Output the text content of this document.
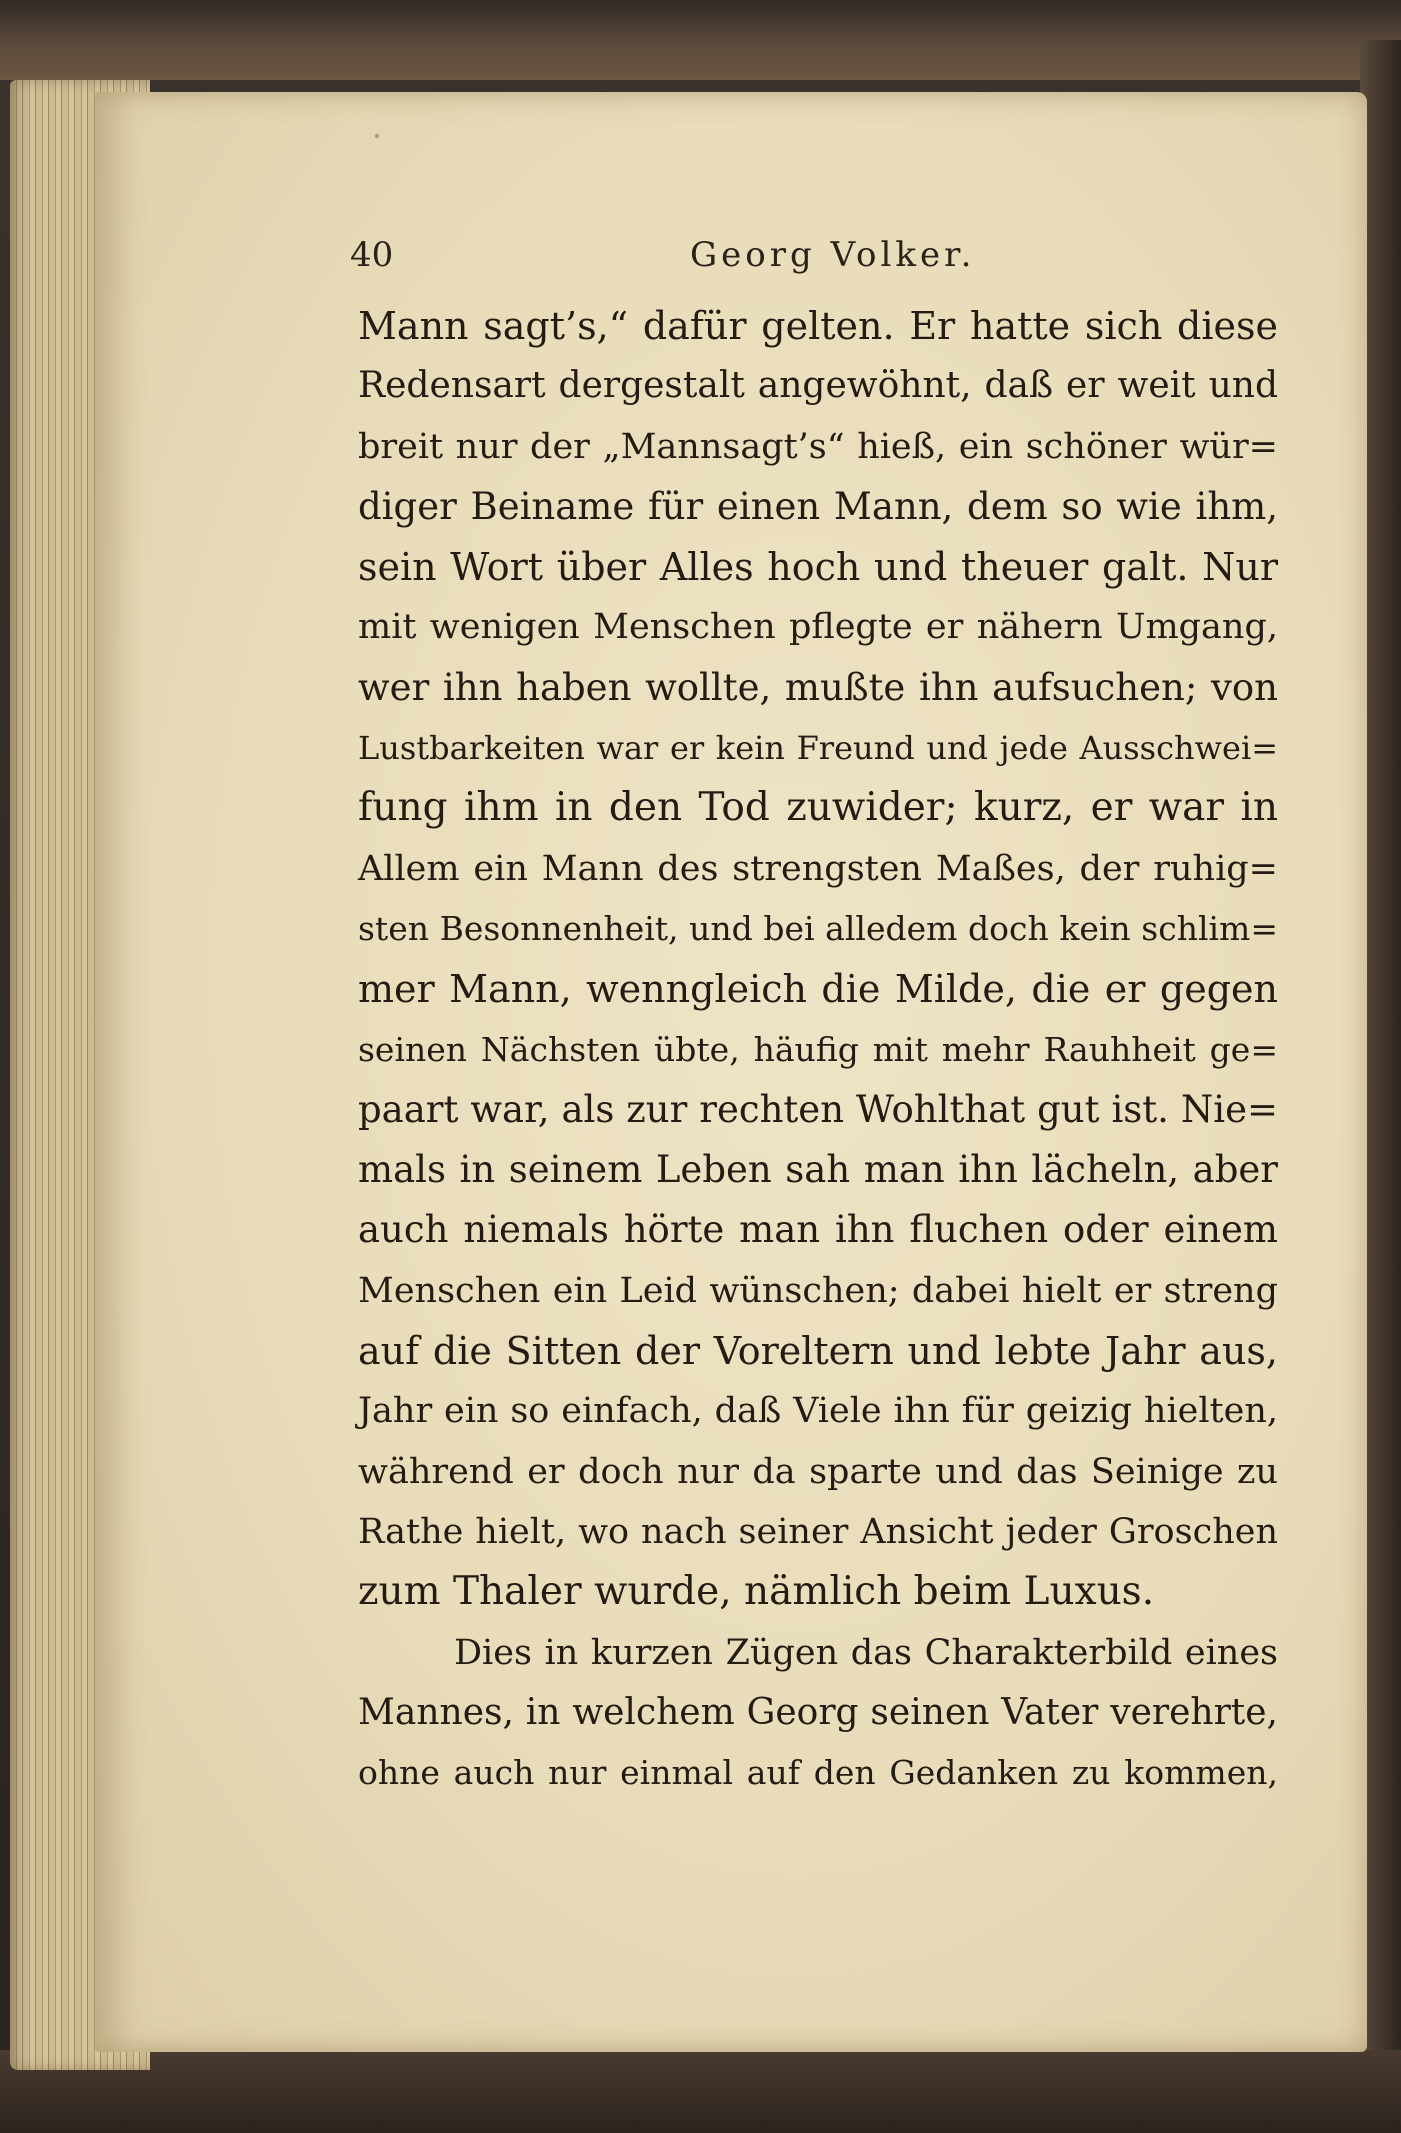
40	Georg Volker.
Mann sagt’s,“ dafür gelten. Er hatte sich diese
Redensart dergestalt angewöhnt, daß er weit und
breit nur der „Mannsagt’s“ hieß, ein schöner wür=
diger Beiname für einen Mann, dem so wie ihm,
sein Wort über Alles hoch und theuer galt. Nur
mit wenigen Menschen pflegte er nähern Umgang,
wer ihn haben wollte, mußte ihn aufsuchen; von
Lustbarkeiten war er kein Freund und jede Ausschwei=
fung ihm in den Tod zuwider; kurz, er war in
Allem ein Mann des strengsten Maßes, der ruhig=
sten Besonnenheit, und bei alledem doch kein schlim=
mer Mann, wenngleich die Milde, die er gegen
seinen Nächsten übte, häufig mit mehr Rauhheit ge=
paart war, als zur rechten Wohlthat gut ist. Nie=
mals in seinem Leben sah man ihn lächeln, aber
auch niemals hörte man ihn fluchen oder einem
Menschen ein Leid wünschen; dabei hielt er streng
auf die Sitten der Voreltern und lebte Jahr aus,
Jahr ein so einfach, daß Viele ihn für geizig hielten,
während er doch nur da sparte und das Seinige zu
Rathe hielt, wo nach seiner Ansicht jeder Groschen
zum Thaler wurde, nämlich beim Luxus.
Dies in kurzen Zügen das Charakterbild eines
Mannes, in welchem Georg seinen Vater verehrte,
ohne auch nur einmal auf den Gedanken zu kommen,
